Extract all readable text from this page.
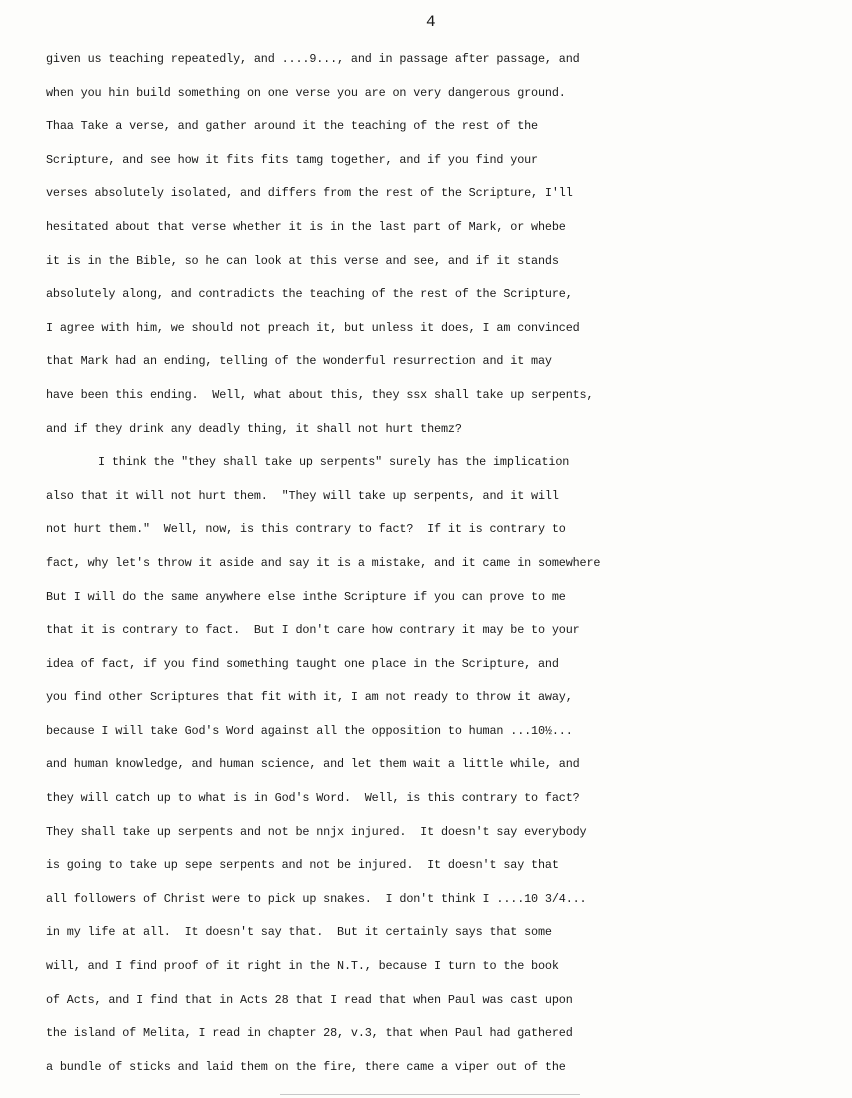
4
given us teaching repeatedly, and ....9..., and in passage after passage, and
when you hin build something on one verse you are on very dangerous ground.
Thaa Take a verse, and gather around it the teaching of the rest of the
Scripture, and see how it fits fits tamg together, and if you find your
verses absolutely isolated, and differs from the rest of the Scripture, I'll
hesitated about that verse whether it is in the last part of Mark, or whebe
it is in the Bible, so he can look at this verse and see, and if it stands
absolutely along, and contradicts the teaching of the rest of the Scripture,
I agree with him, we should not preach it, but unless it does, I am convinced
that Mark had an ending, telling of the wonderful resurrection and it may
have been this ending.  Well, what about this, they ssx shall take up serpents,
and if they drink any deadly thing, it shall not hurt themz?
I think the "they shall take up serpents" surely has the implication
also that it will not hurt them.  "They will take up serpents, and it will
not hurt them."  Well, now, is this contrary to fact?  If it is contrary to
fact, why let's throw it aside and say it is a mistake, and it came in somewhere
But I will do the same anywhere else inthe Scripture if you can prove to me
that it is contrary to fact.  But I don't care how contrary it may be to your
idea of fact, if you find something taught one place in the Scripture, and
you find other Scriptures that fit with it, I am not ready to throw it away,
because I will take God's Word against all the opposition to human ...10½...
and human knowledge, and human science, and let them wait a little while, and
they will catch up to what is in God's Word.  Well, is this contrary to fact?
They shall take up serpents and not be nnjx injured.  It doesn't say everybody
is going to take up sepe serpents and not be injured.  It doesn't say that
all followers of Christ were to pick up snakes.  I don't think I ....10 3/4...
in my life at all.  It doesn't say that.  But it certainly says that some
will, and I find proof of it right in the N.T., because I turn to the book
of Acts, and I find that in Acts 28 that I read that when Paul was cast upon
the island of Melita, I read in chapter 28, v.3, that when Paul had gathered
a bundle of sticks and laid them on the fire, there came a viper out of the
